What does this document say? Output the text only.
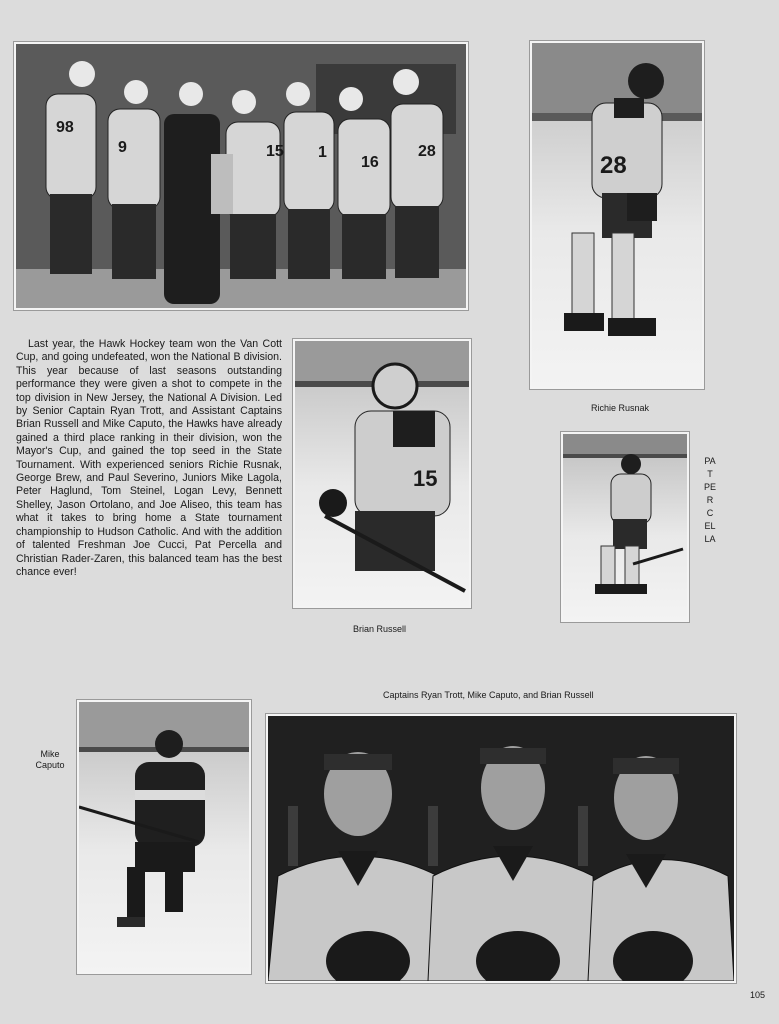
98
9	15 1
16
28
28
Richie Rusnak

Last year, the Hawk Hockey team won the Van Cott Cup, and going undefeated, won the National B division. This year because of last seasons outstanding performance they were given a shot to compete in the top division in New Jersey, the National A Division. Led by Senior Captain Ryan Trott, and Assistant Captains Brian Russell and Mike Caputo, the Hawks have already gained a third place ranking in their division, won the Mayor's Cup, and gained the top seed in the State Tournament. With experienced seniors Richie Rusnak, George Brew, and Paul Severino, Juniors Mike Lagola, Peter Haglund, Tom Steinel, Logan Levy, Bennett Shelley, Jason Ortolano, and Joe Aliseo, this team has what it takes to bring home a State tournament championship to Hudson Catholic. And with the addition of talented Freshman Joe Cucci, Pat Percella and Christian Rader-Zaren, this balanced team has the best chance ever!

15
Brian Russell
PAT PERCELLA
Mike Caputo
Captains Ryan Trott, Mike Caputo, and Brian Russell
105
